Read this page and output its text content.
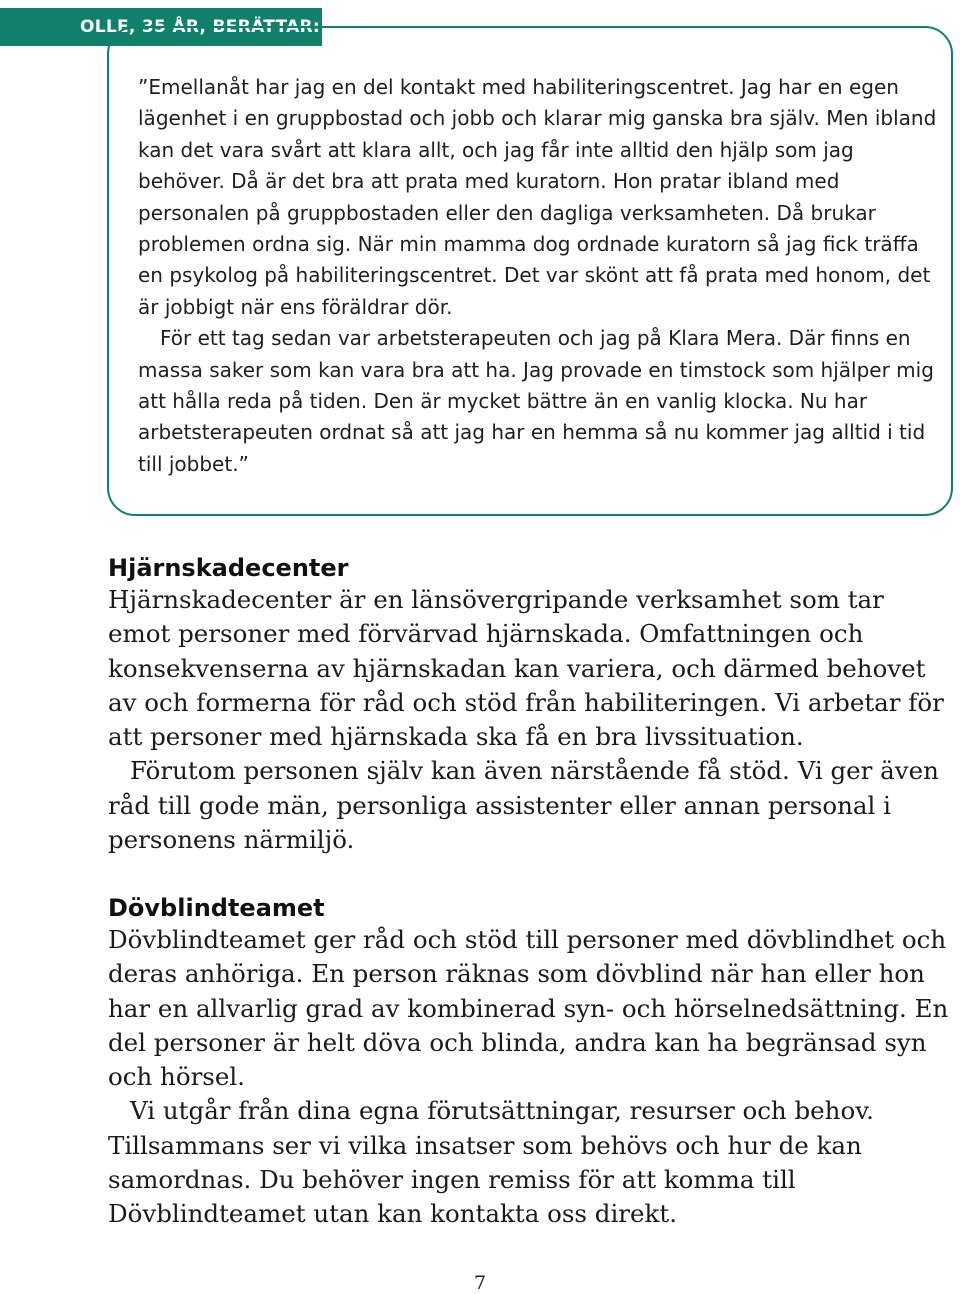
OLLE, 35 ÅR, BERÄTTAR:

”Emellanåt har jag en del kontakt med habiliteringscentret. Jag har en egen lägenhet i en gruppbostad och jobb och klarar mig ganska bra själv. Men ibland kan det vara svårt att klara allt, och jag får inte alltid den hjälp som jag behöver. Då är det bra att prata med kuratorn. Hon pratar ibland med personalen på gruppbostaden eller den dagliga verksamheten. Då brukar problemen ordna sig. När min mamma dog ordnade kuratorn så jag fick träffa en psykolog på habiliteringscentret. Det var skönt att få prata med honom, det är jobbigt när ens föräldrar dör.

För ett tag sedan var arbetsterapeuten och jag på Klara Mera. Där finns en massa saker som kan vara bra att ha. Jag provade en timstock som hjälper mig att hålla reda på tiden. Den är mycket bättre än en vanlig klocka. Nu har arbetsterapeuten ordnat så att jag har en hemma så nu kommer jag alltid i tid till jobbet.”

Hjärnskadecenter

Hjärnskadecenter är en länsövergripande verksamhet som tar emot personer med förvärvad hjärnskada. Omfattningen och konsekvenserna av hjärnskadan kan variera, och därmed behovet av och formerna för råd och stöd från habiliteringen. Vi arbetar för att personer med hjärnskada ska få en bra livssituation.

Förutom personen själv kan även närstående få stöd. Vi ger även råd till gode män, personliga assistenter eller annan personal i personens närmiljö.

Dövblindteamet

Dövblindteamet ger råd och stöd till personer med dövblindhet och deras anhöriga. En person räknas som dövblind när han eller hon har en allvarlig grad av kombinerad syn- och hörselnedsättning. En del personer är helt döva och blinda, andra kan ha begränsad syn och hörsel.

Vi utgår från dina egna förutsättningar, resurser och behov. Tillsammans ser vi vilka insatser som behövs och hur de kan samordnas. Du behöver ingen remiss för att komma till Dövblindteamet utan kan kontakta oss direkt.

7
